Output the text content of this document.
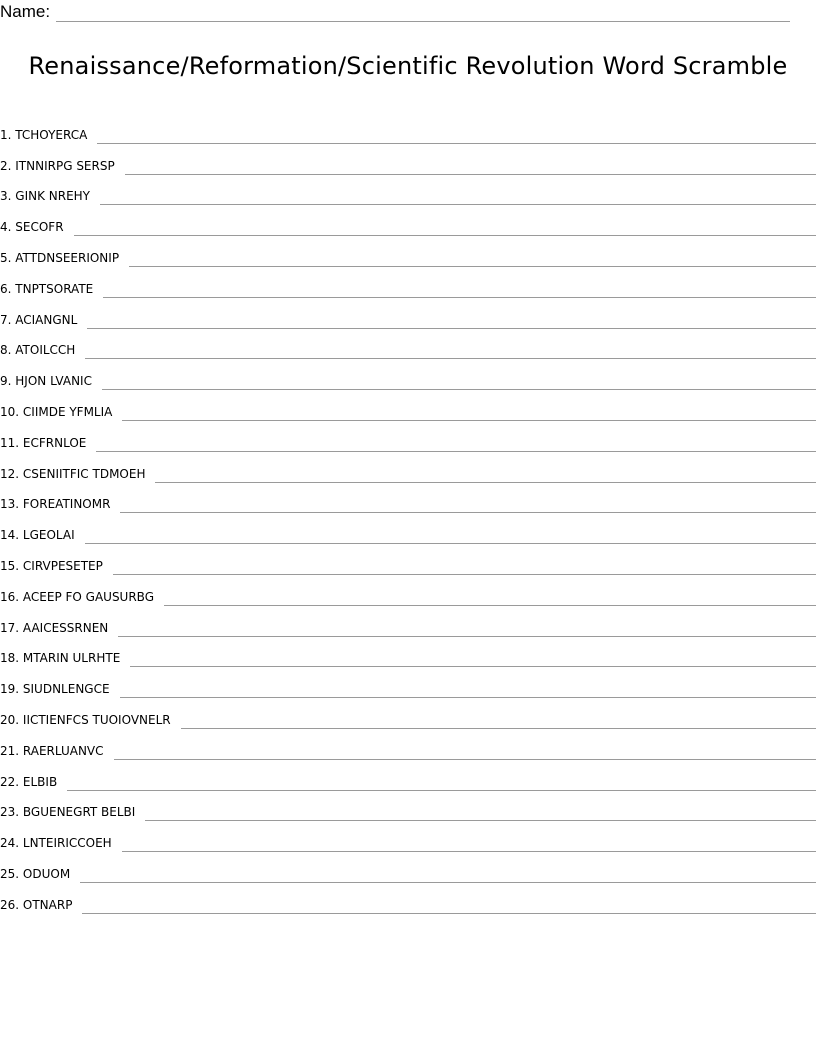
Name:
Renaissance/Reformation/Scientific Revolution Word Scramble
1. TCHOYERCA
2. ITNNIRPG SERSP
3. GINK NREHY
4. SECOFR
5. ATTDNSEERIONIP
6. TNPTSORATE
7. ACIANGNL
8. ATOILCCH
9. HJON LVANIC
10. CIIMDE YFMLIA
11. ECFRNLOE
12. CSENIITFIC TDMOEH
13. FOREATINOMR
14. LGEOLAI
15. CIRVPESETEP
16. ACEEP FO GAUSURBG
17. AAICESSRNEN
18. MTARIN ULRHTE
19. SIUDNLENGCE
20. IICTIENFCS TUOIOVNELR
21. RAERLUANVC
22. ELBIB
23. BGUENEGRT BELBI
24. LNTEIRICCOEH
25. ODUOM
26. OTNARP
